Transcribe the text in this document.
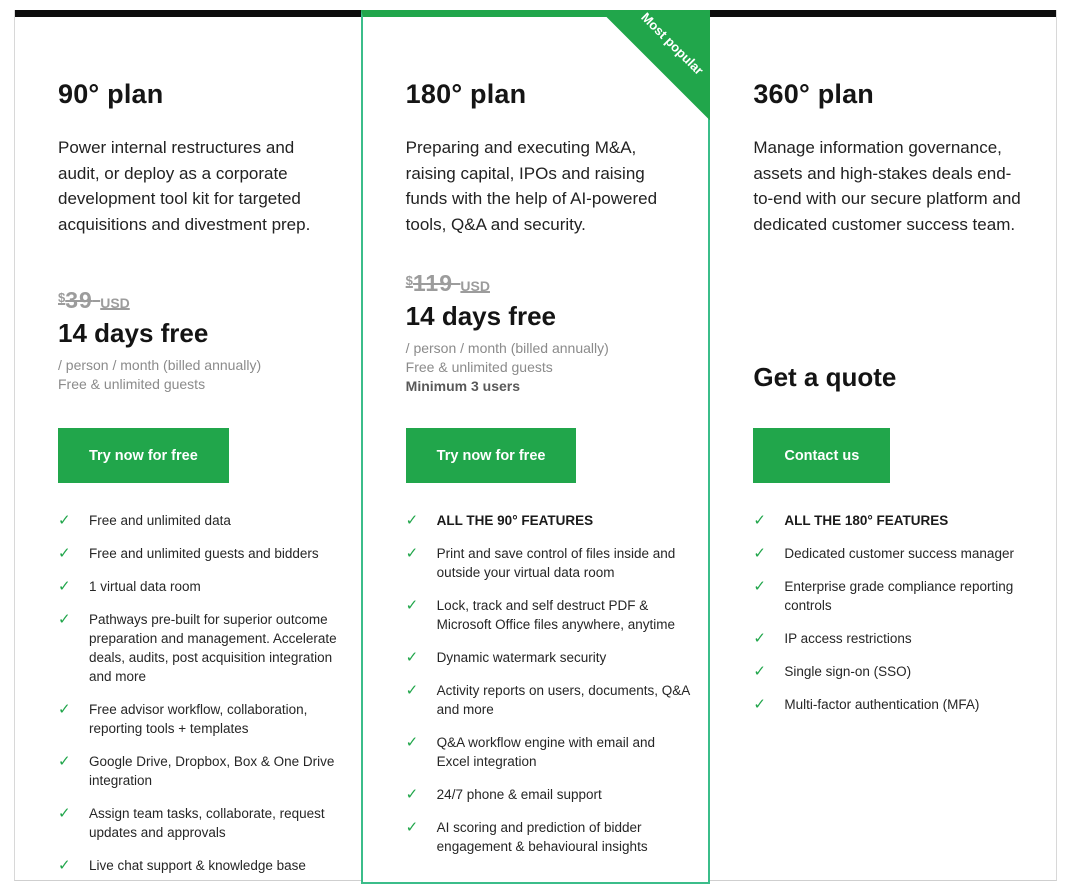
90° plan

Power internal restructures and audit, or deploy as a corporate development tool kit for targeted acquisitions and divestment prep.

$39 USD
14 days free
/ person / month (billed annually)
Free & unlimited guests
Try now for free
✓	Free and unlimited data
✓	Free and unlimited guests and bidders
✓	1 virtual data room
✓	Pathways pre-built for superior outcome preparation and management. Accelerate deals, audits, post acquisition integration and more
✓	Free advisor workflow, collaboration, reporting tools + templates
✓	Google Drive, Dropbox, Box & One Drive integration
✓	Assign team tasks, collaborate, request updates and approvals
✓	Live chat support & knowledge base
Most popular
180° plan

Preparing and executing M&A, raising capital, IPOs and raising funds with the help of AI-powered tools, Q&A and security.

$119 USD
14 days free
/ person / month (billed annually)
Free & unlimited guests
Minimum 3 users
Try now for free
✓	ALL THE 90° FEATURES
✓	Print and save control of files inside and outside your virtual data room
✓	Lock, track and self destruct PDF & Microsoft Office files anywhere, anytime
✓	Dynamic watermark security
✓	Activity reports on users, documents, Q&A and more
✓	Q&A workflow engine with email and Excel integration
✓	24/7 phone & email support
✓	AI scoring and prediction of bidder engagement & behavioural insights
360° plan

Manage information governance, assets and high-stakes deals end-to-end with our secure platform and dedicated customer success team.

Get a quote
Contact us
✓	ALL THE 180° FEATURES
✓	Dedicated customer success manager
✓	Enterprise grade compliance reporting controls
✓	IP access restrictions
✓	Single sign-on (SSO)
✓	Multi-factor authentication (MFA)
